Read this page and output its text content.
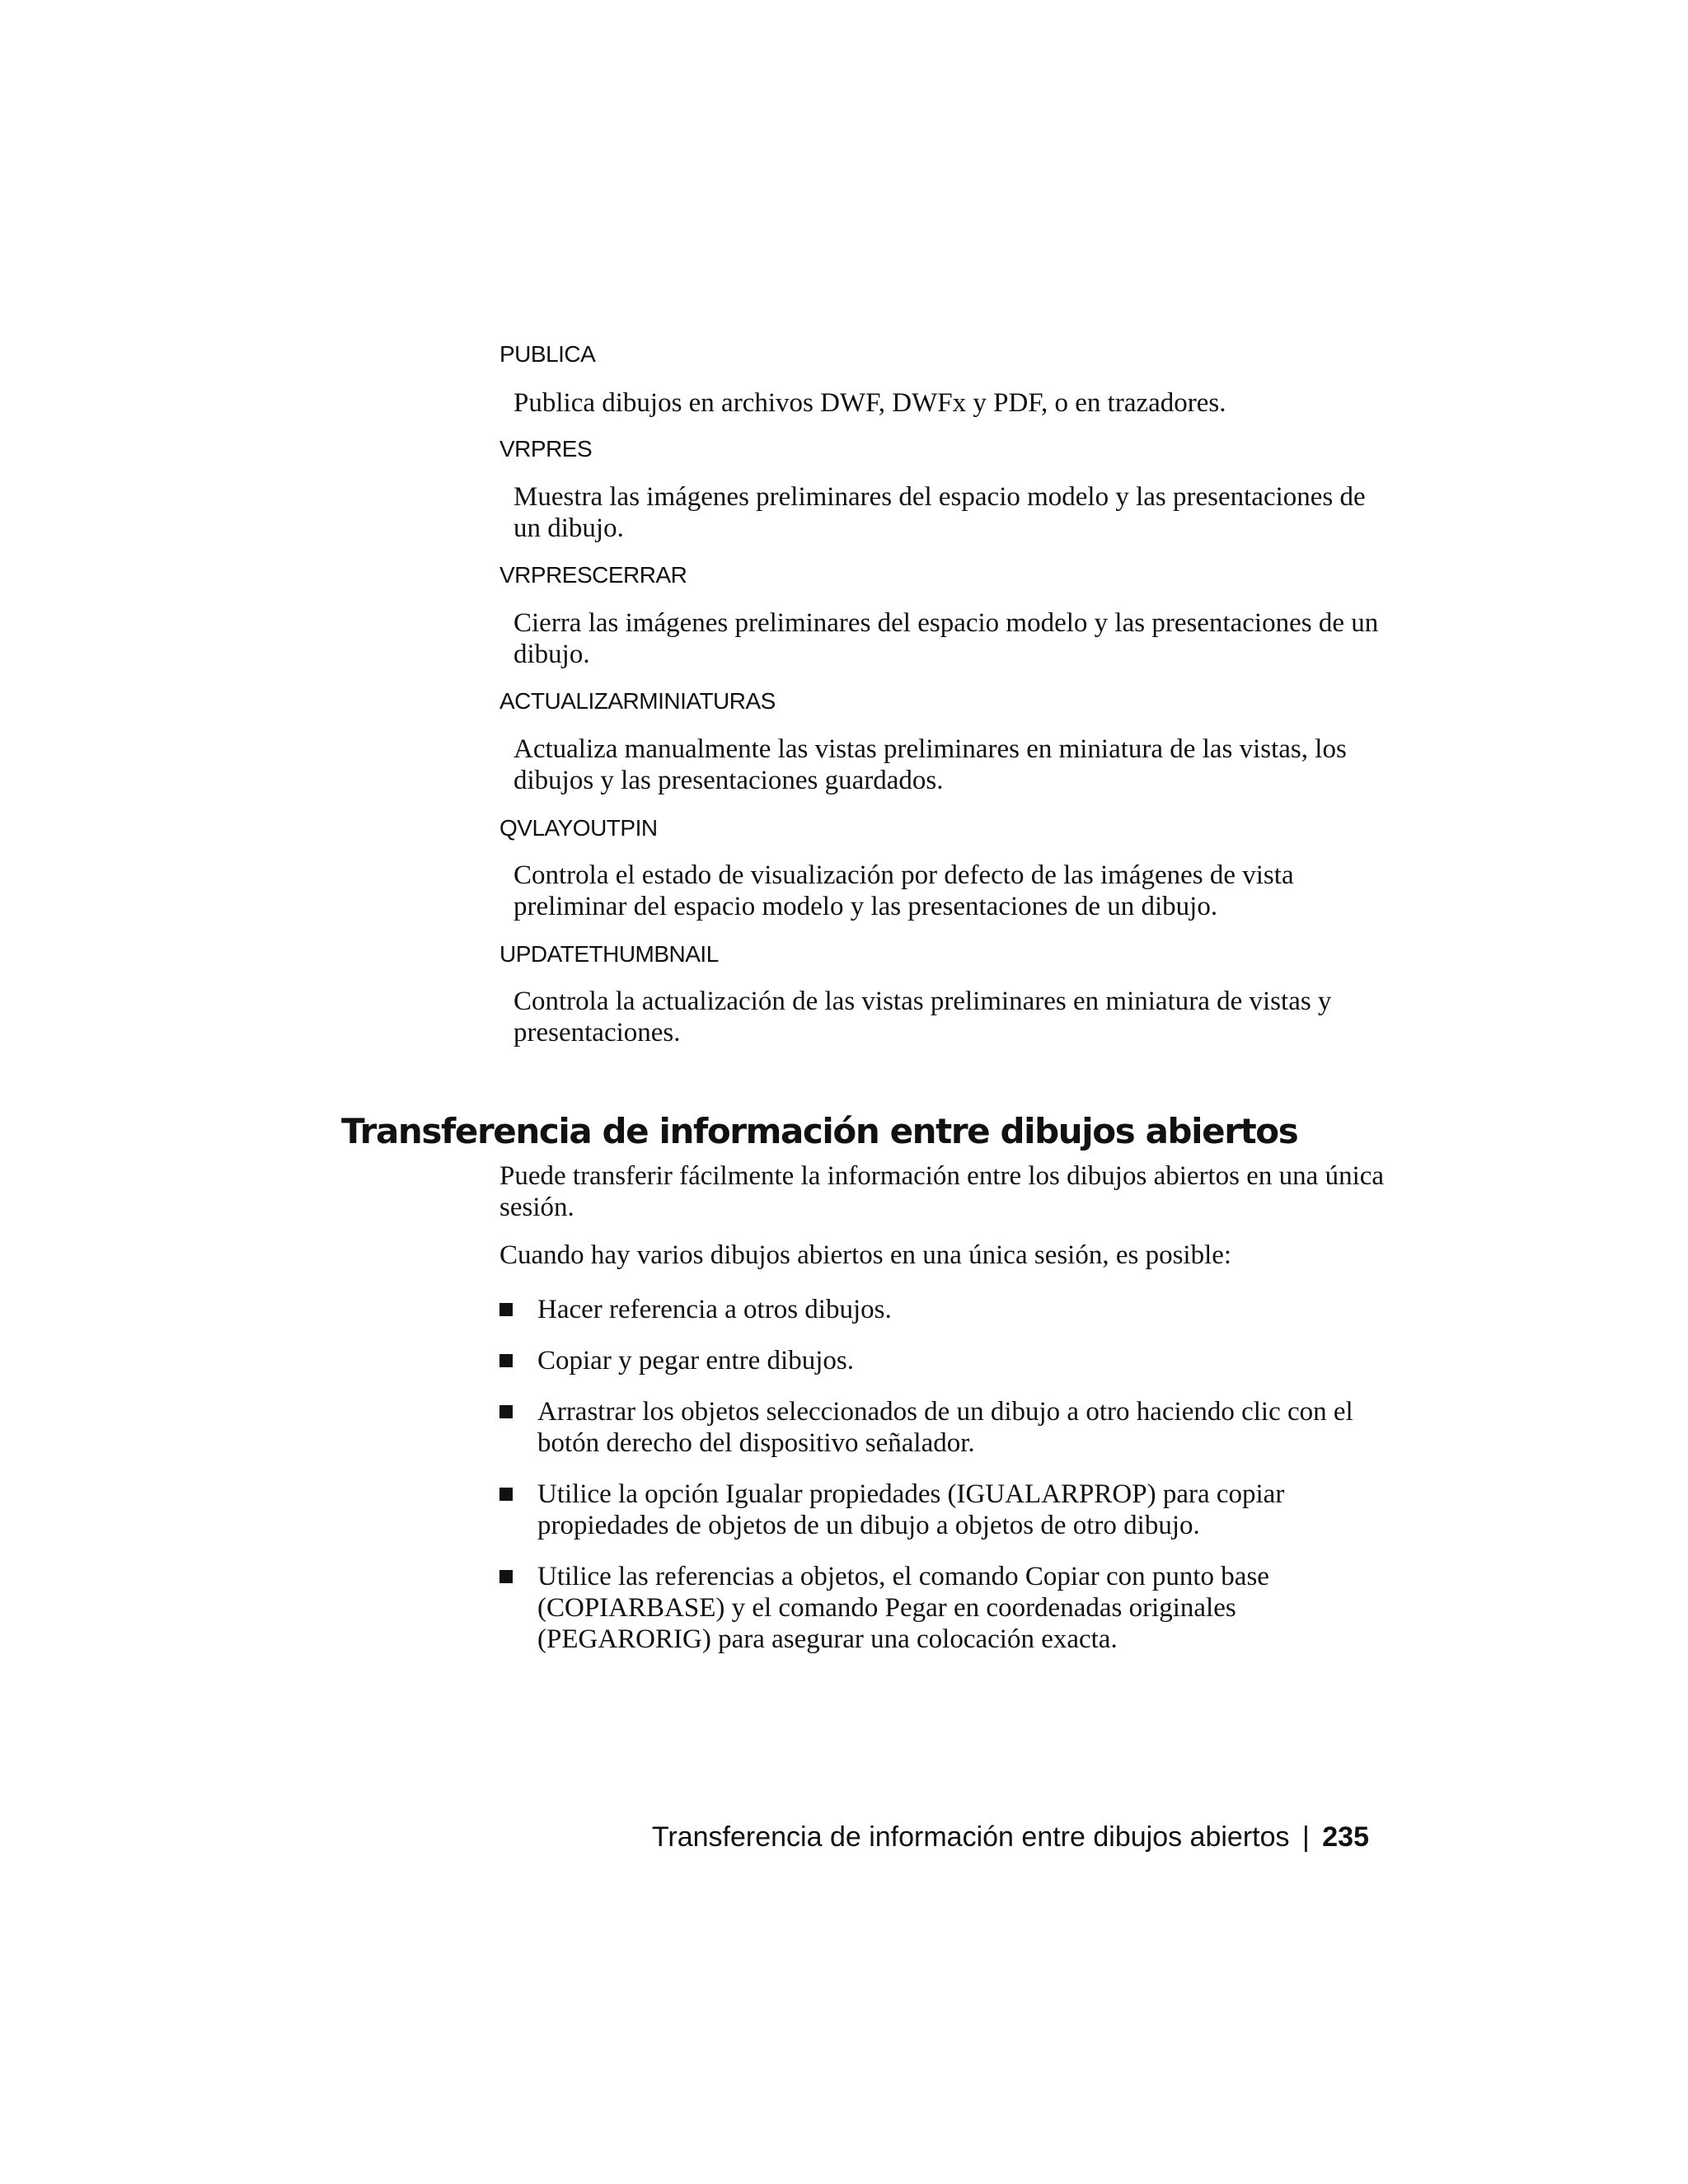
PUBLICA
Publica dibujos en archivos DWF, DWFx y PDF, o en trazadores.
VRPRES
Muestra las imágenes preliminares del espacio modelo y las presentaciones de un dibujo.
VRPRESCERRAR
Cierra las imágenes preliminares del espacio modelo y las presentaciones de un dibujo.
ACTUALIZARMINIATURAS
Actualiza manualmente las vistas preliminares en miniatura de las vistas, los dibujos y las presentaciones guardados.
QVLAYOUTPIN
Controla el estado de visualización por defecto de las imágenes de vista preliminar del espacio modelo y las presentaciones de un dibujo.
UPDATETHUMBNAIL
Controla la actualización de las vistas preliminares en miniatura de vistas y presentaciones.
Transferencia de información entre dibujos abiertos

Puede transferir fácilmente la información entre los dibujos abiertos en una única sesión.

Cuando hay varios dibujos abiertos en una única sesión, es posible:

Hacer referencia a otros dibujos.
Copiar y pegar entre dibujos.
Arrastrar los objetos seleccionados de un dibujo a otro haciendo clic con el botón derecho del dispositivo señalador.
Utilice la opción Igualar propiedades (IGUALARPROP) para copiar propiedades de objetos de un dibujo a objetos de otro dibujo.
Utilice las referencias a objetos, el comando Copiar con punto base (COPIARBASE) y el comando Pegar en coordenadas originales (PEGARORIG) para asegurar una colocación exacta.
Transferencia de información entre dibujos abiertos | 235
